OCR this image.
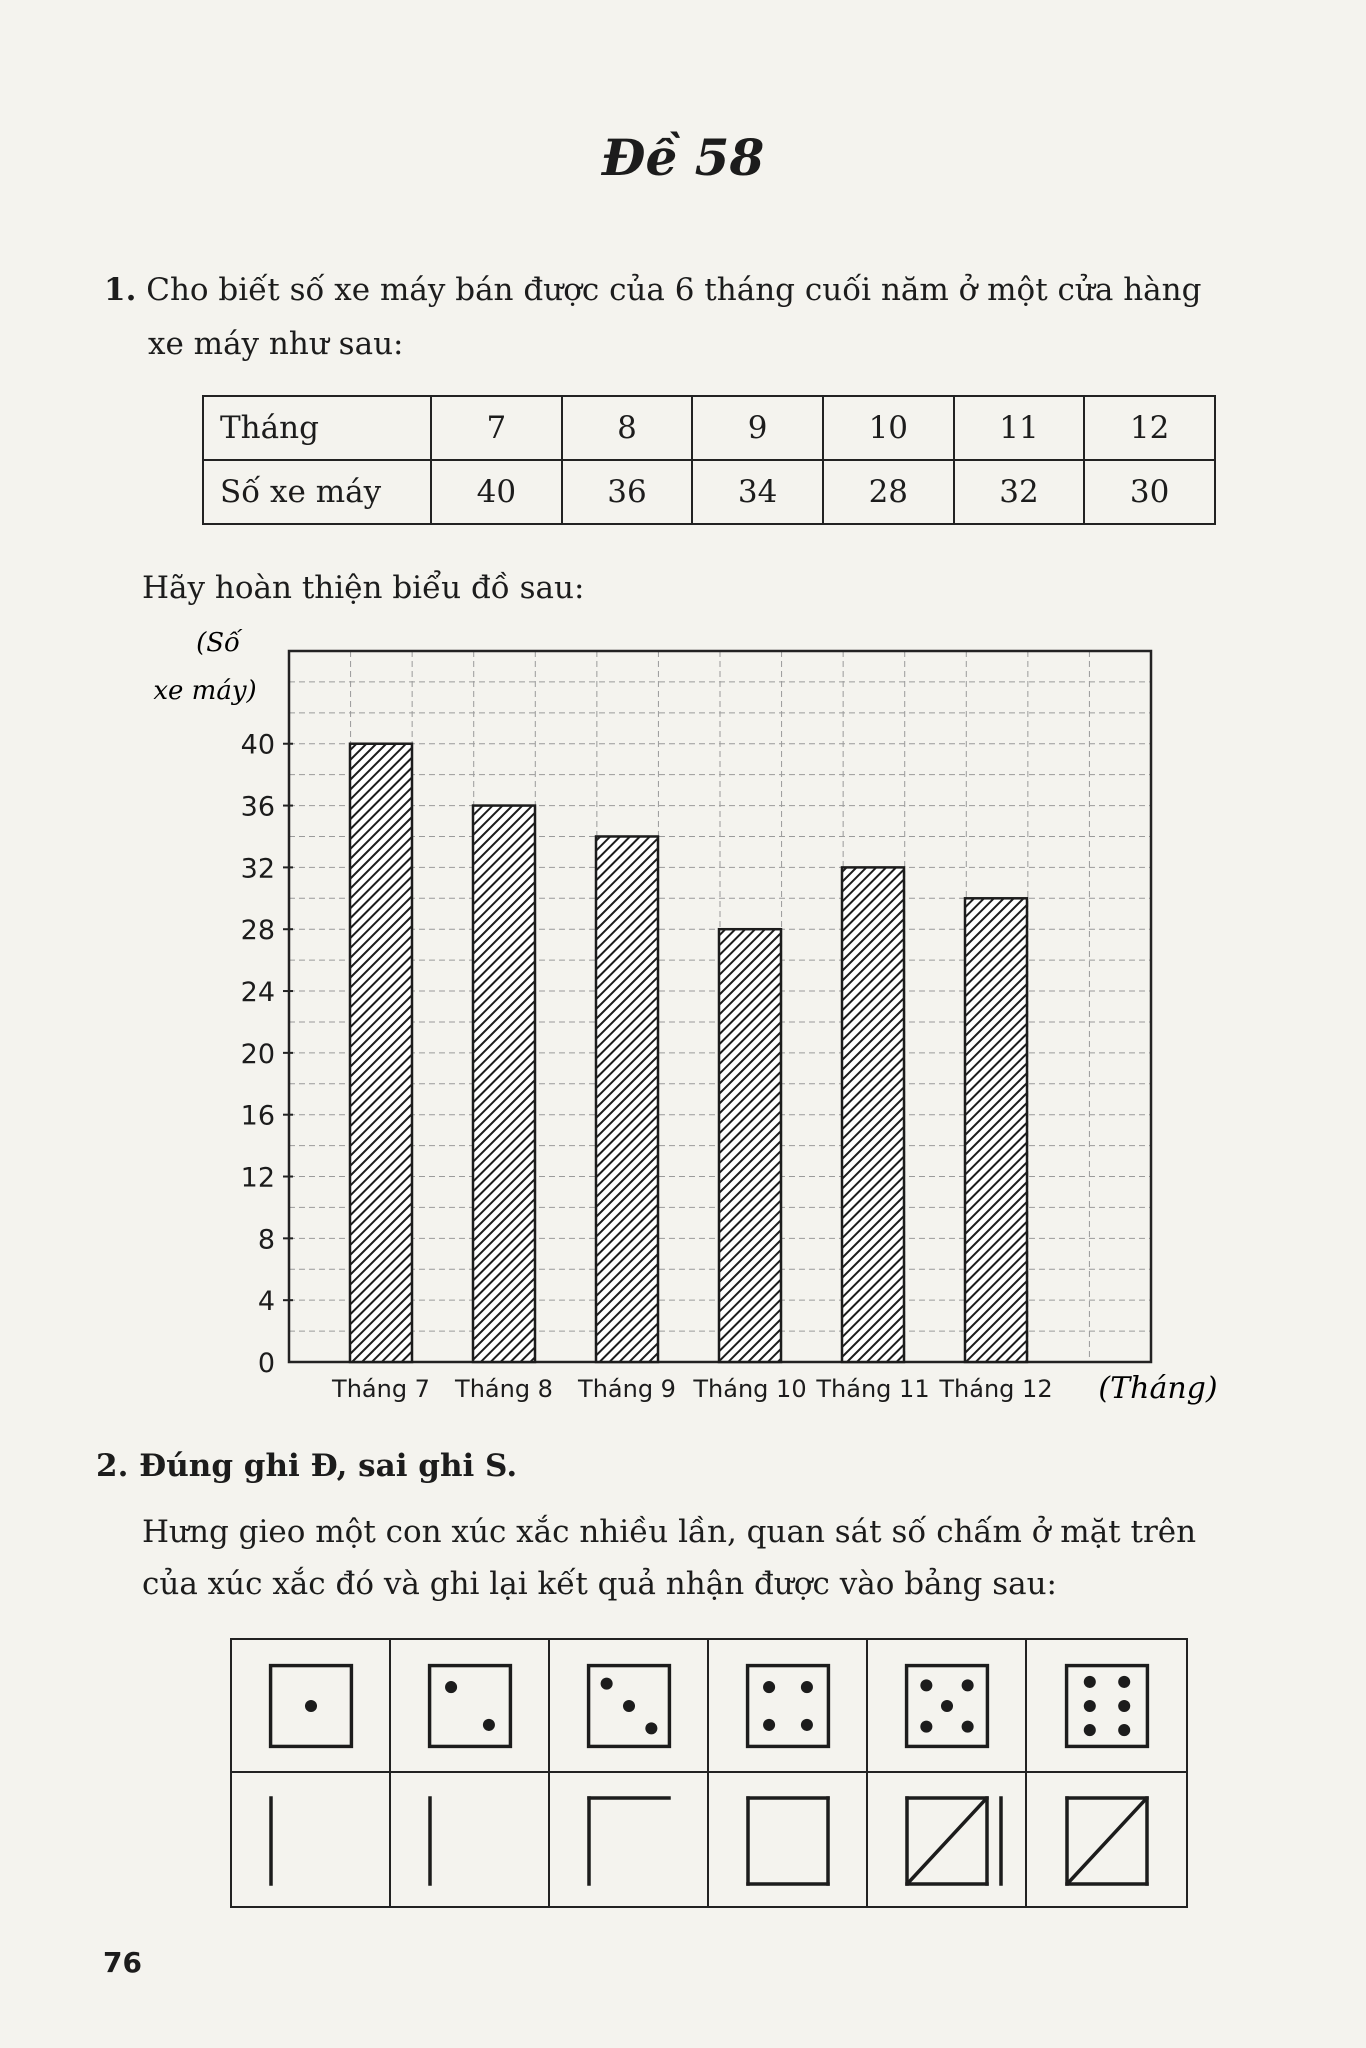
Đề 58
1. Cho biết số xe máy bán được của 6 tháng cuối năm ở một cửa hàng
xe máy như sau:
Tháng	7	8	9	10	11	12
Số xe máy	40	36	34	28	32	30
Hãy hoàn thiện biểu đồ sau:
0
4
8
12
16
20
24
28
32
36
40
Tháng 7 Tháng 8 Tháng 9 Tháng 10 Tháng 11 Tháng 12
(Số
xe máy)
(Tháng)
2. Đúng ghi Đ, sai ghi S.
Hưng gieo một con xúc xắc nhiều lần, quan sát số chấm ở mặt trên
của xúc xắc đó và ghi lại kết quả nhận được vào bảng sau:
76
